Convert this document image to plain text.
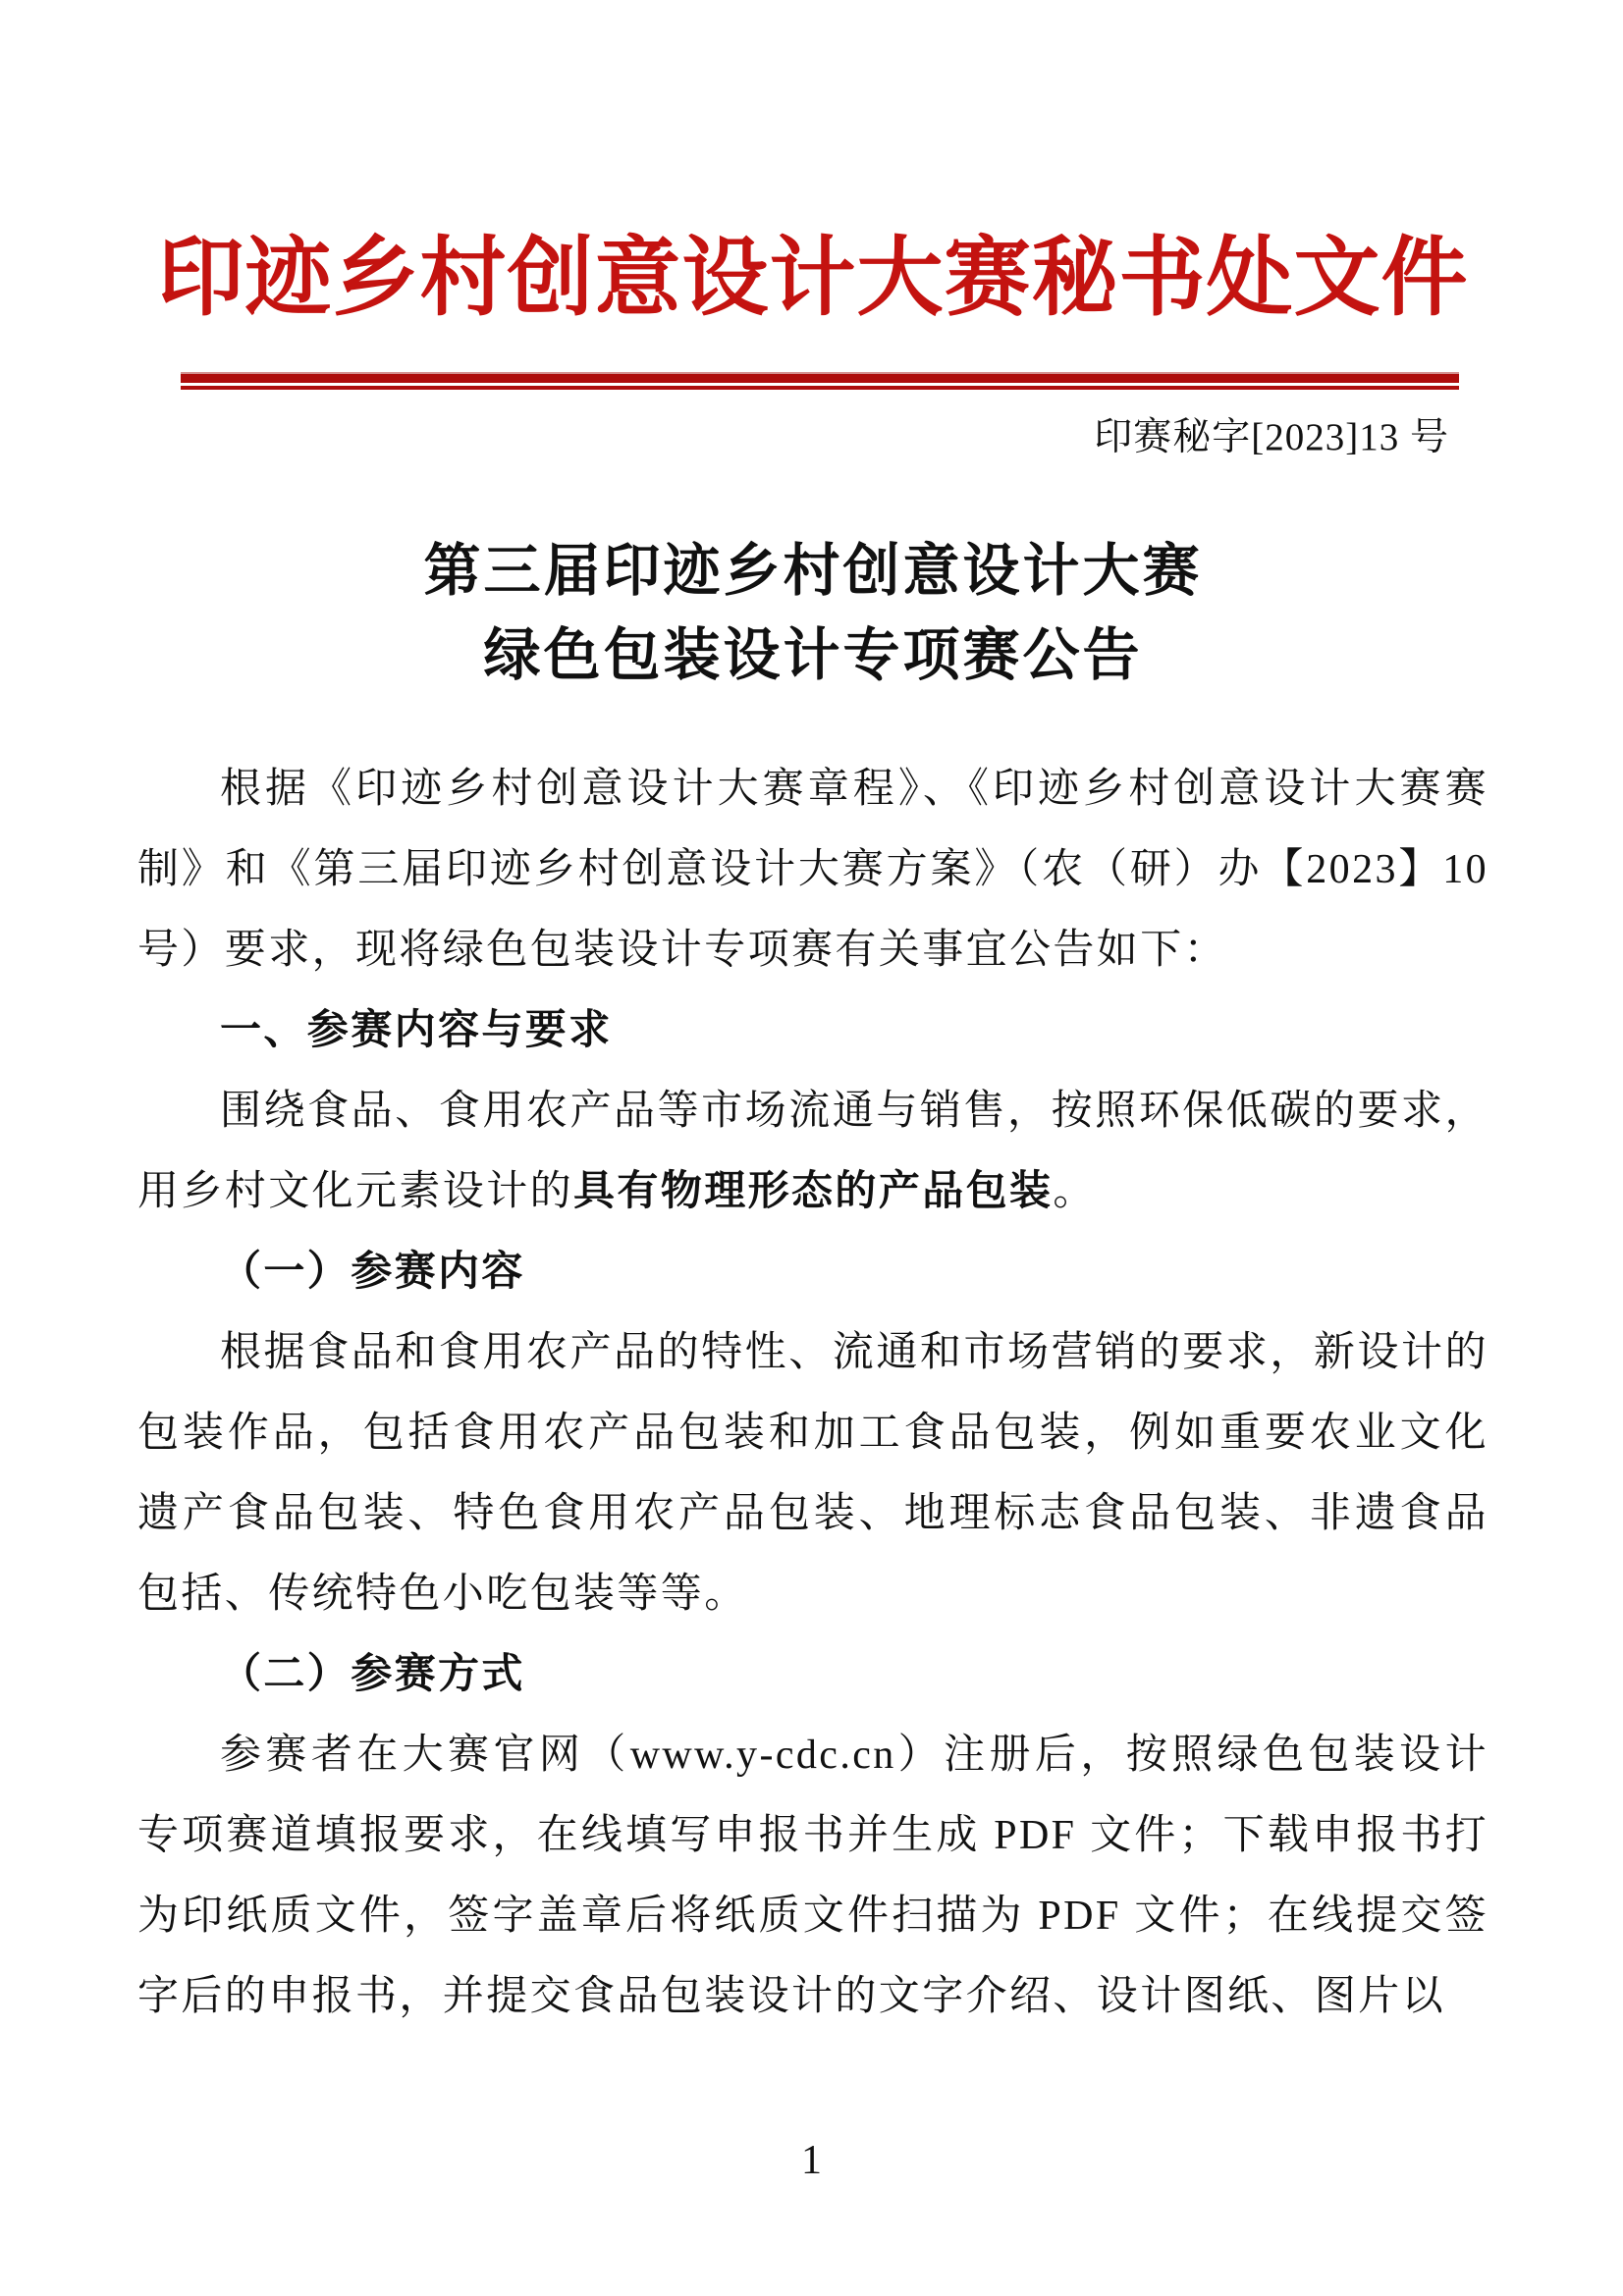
印迹乡村创意设计大赛秘书处文件
印赛秘字[2023]13 号
第三届印迹乡村创意设计大赛
绿色包装设计专项赛公告
根据《印迹乡村创意设计大赛章程》、《印迹乡村创意设计大赛赛制》和《第三届印迹乡村创意设计大赛方案》（农（研）办【2023】10 号）要求，现将绿色包装设计专项赛有关事宜公告如下：
一、参赛内容与要求
围绕食品、食用农产品等市场流通与销售，按照环保低碳的要求，用乡村文化元素设计的具有物理形态的产品包装。
（一）参赛内容
根据食品和食用农产品的特性、流通和市场营销的要求，新设计的包装作品，包括食用农产品包装和加工食品包装，例如重要农业文化遗产食品包装、特色食用农产品包装、地理标志食品包装、非遗食品包括、传统特色小吃包装等等。
（二）参赛方式
参赛者在大赛官网（www.y-cdc.cn）注册后，按照绿色包装设计专项赛道填报要求，在线填写申报书并生成 PDF 文件；下载申报书打为印纸质文件，签字盖章后将纸质文件扫描为 PDF 文件；在线提交签字后的申报书，并提交食品包装设计的文字介绍、设计图纸、图片以
1
